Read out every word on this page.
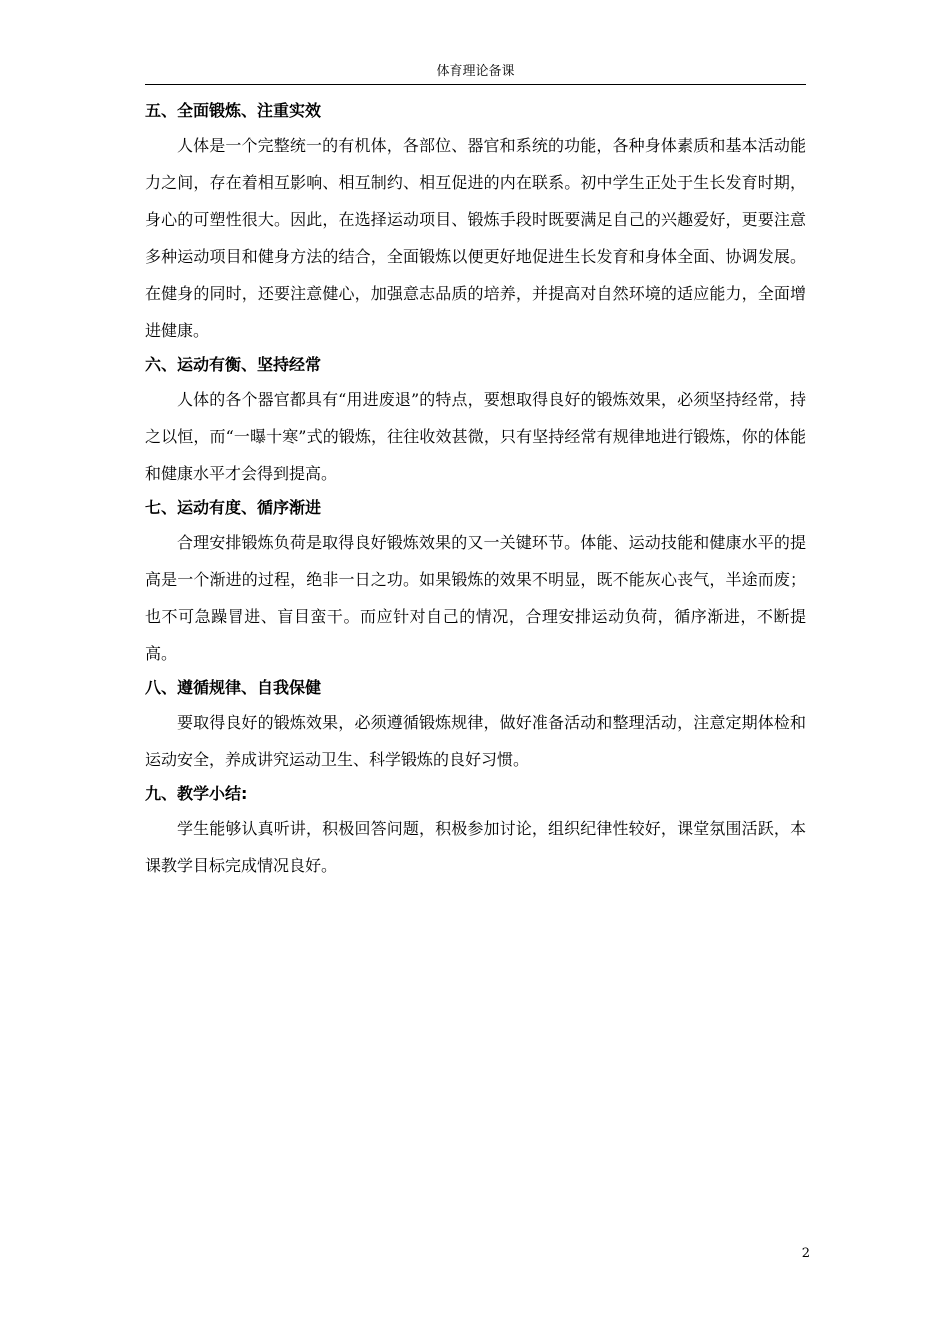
体育理论备课

五、全面锻炼、注重实效

人体是一个完整统一的有机体，各部位、器官和系统的功能，各种身体素质和基本活动能力之间，存在着相互影响、相互制约、相互促进的内在联系。初中学生正处于生长发育时期，身心的可塑性很大。因此，在选择运动项目、锻炼手段时既要满足自己的兴趣爱好，更要注意多种运动项目和健身方法的结合，全面锻炼以便更好地促进生长发育和身体全面、协调发展。在健身的同时，还要注意健心，加强意志品质的培养，并提高对自然环境的适应能力，全面增进健康。

六、运动有衡、坚持经常

人体的各个器官都具有“用进废退”的特点，要想取得良好的锻炼效果，必须坚持经常，持之以恒，而“一曝十寒”式的锻炼，往往收效甚微，只有坚持经常有规律地进行锻炼，你的体能和健康水平才会得到提高。

七、运动有度、循序渐进

合理安排锻炼负荷是取得良好锻炼效果的又一关键环节。体能、运动技能和健康水平的提高是一个渐进的过程，绝非一日之功。如果锻炼的效果不明显，既不能灰心丧气，半途而废；也不可急躁冒进、盲目蛮干。而应针对自己的情况，合理安排运动负荷，循序渐进，不断提高。

八、遵循规律、自我保健

要取得良好的锻炼效果，必须遵循锻炼规律，做好准备活动和整理活动，注意定期体检和运动安全，养成讲究运动卫生、科学锻炼的良好习惯。

九、教学小结:

学生能够认真听讲，积极回答问题，积极参加讨论，组织纪律性较好，课堂氛围活跃，本课教学目标完成情况良好。

2
